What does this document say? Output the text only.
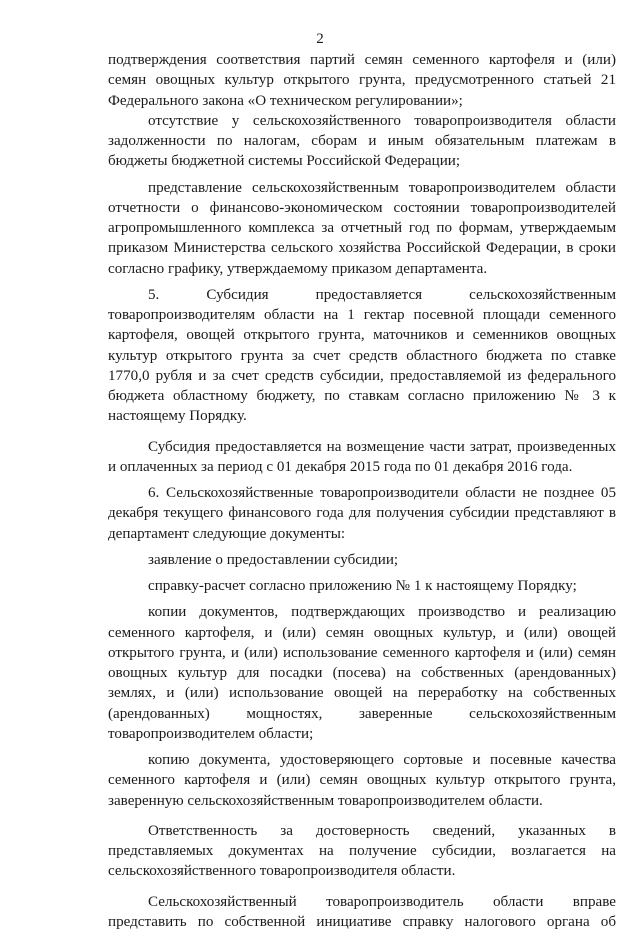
2

подтверждения соответствия партий семян семенного картофеля и (или) семян овощных культур открытого грунта, предусмотренного статьей 21 Федерального закона «О техническом регулировании»;

отсутствие у сельскохозяйственного товаропроизводителя области задолженности по налогам, сборам и иным обязательным платежам в бюджеты бюджетной системы Российской Федерации;

представление сельскохозяйственным товаропроизводителем области отчетности о финансово-экономическом состоянии товаропроизводителей агропромышленного комплекса за отчетный год по формам, утверждаемым приказом Министерства сельского хозяйства Российской Федерации, в сроки согласно графику, утверждаемому приказом департамента.

5. Субсидия предоставляется сельскохозяйственным товаропроизводителям области на 1 гектар посевной площади семенного картофеля, овощей открытого грунта, маточников и семенников овощных культур открытого грунта за счет средств областного бюджета по ставке 1770,0 рубля и за счет средств субсидии, предоставляемой из федерального бюджета областному бюджету, по ставкам согласно приложению № 3 к настоящему Порядку.

Субсидия предоставляется на возмещение части затрат, произведенных и оплаченных за период с 01 декабря 2015 года по 01 декабря 2016 года.

6. Сельскохозяйственные товаропроизводители области не позднее 05 декабря текущего финансового года для получения субсидии представляют в департамент следующие документы:

заявление о предоставлении субсидии;

справку-расчет согласно приложению № 1 к настоящему Порядку;

копии документов, подтверждающих производство и реализацию семенного картофеля, и (или) семян овощных культур, и (или) овощей открытого грунта, и (или) использование семенного картофеля и (или) семян овощных культур для посадки (посева) на собственных (арендованных) землях, и (или) использование овощей на переработку на собственных (арендованных) мощностях, заверенные сельскохозяйственным товаропроизводителем области;

копию документа, удостоверяющего сортовые и посевные качества семенного картофеля и (или) семян овощных культур открытого грунта, заверенную сельскохозяйственным товаропроизводителем области.

Ответственность за достоверность сведений, указанных в представляемых документах на получение субсидии, возлагается на сельскохозяйственного товаропроизводителя области.

Сельскохозяйственный товаропроизводитель области вправе представить по собственной инициативе справку налогового органа об
